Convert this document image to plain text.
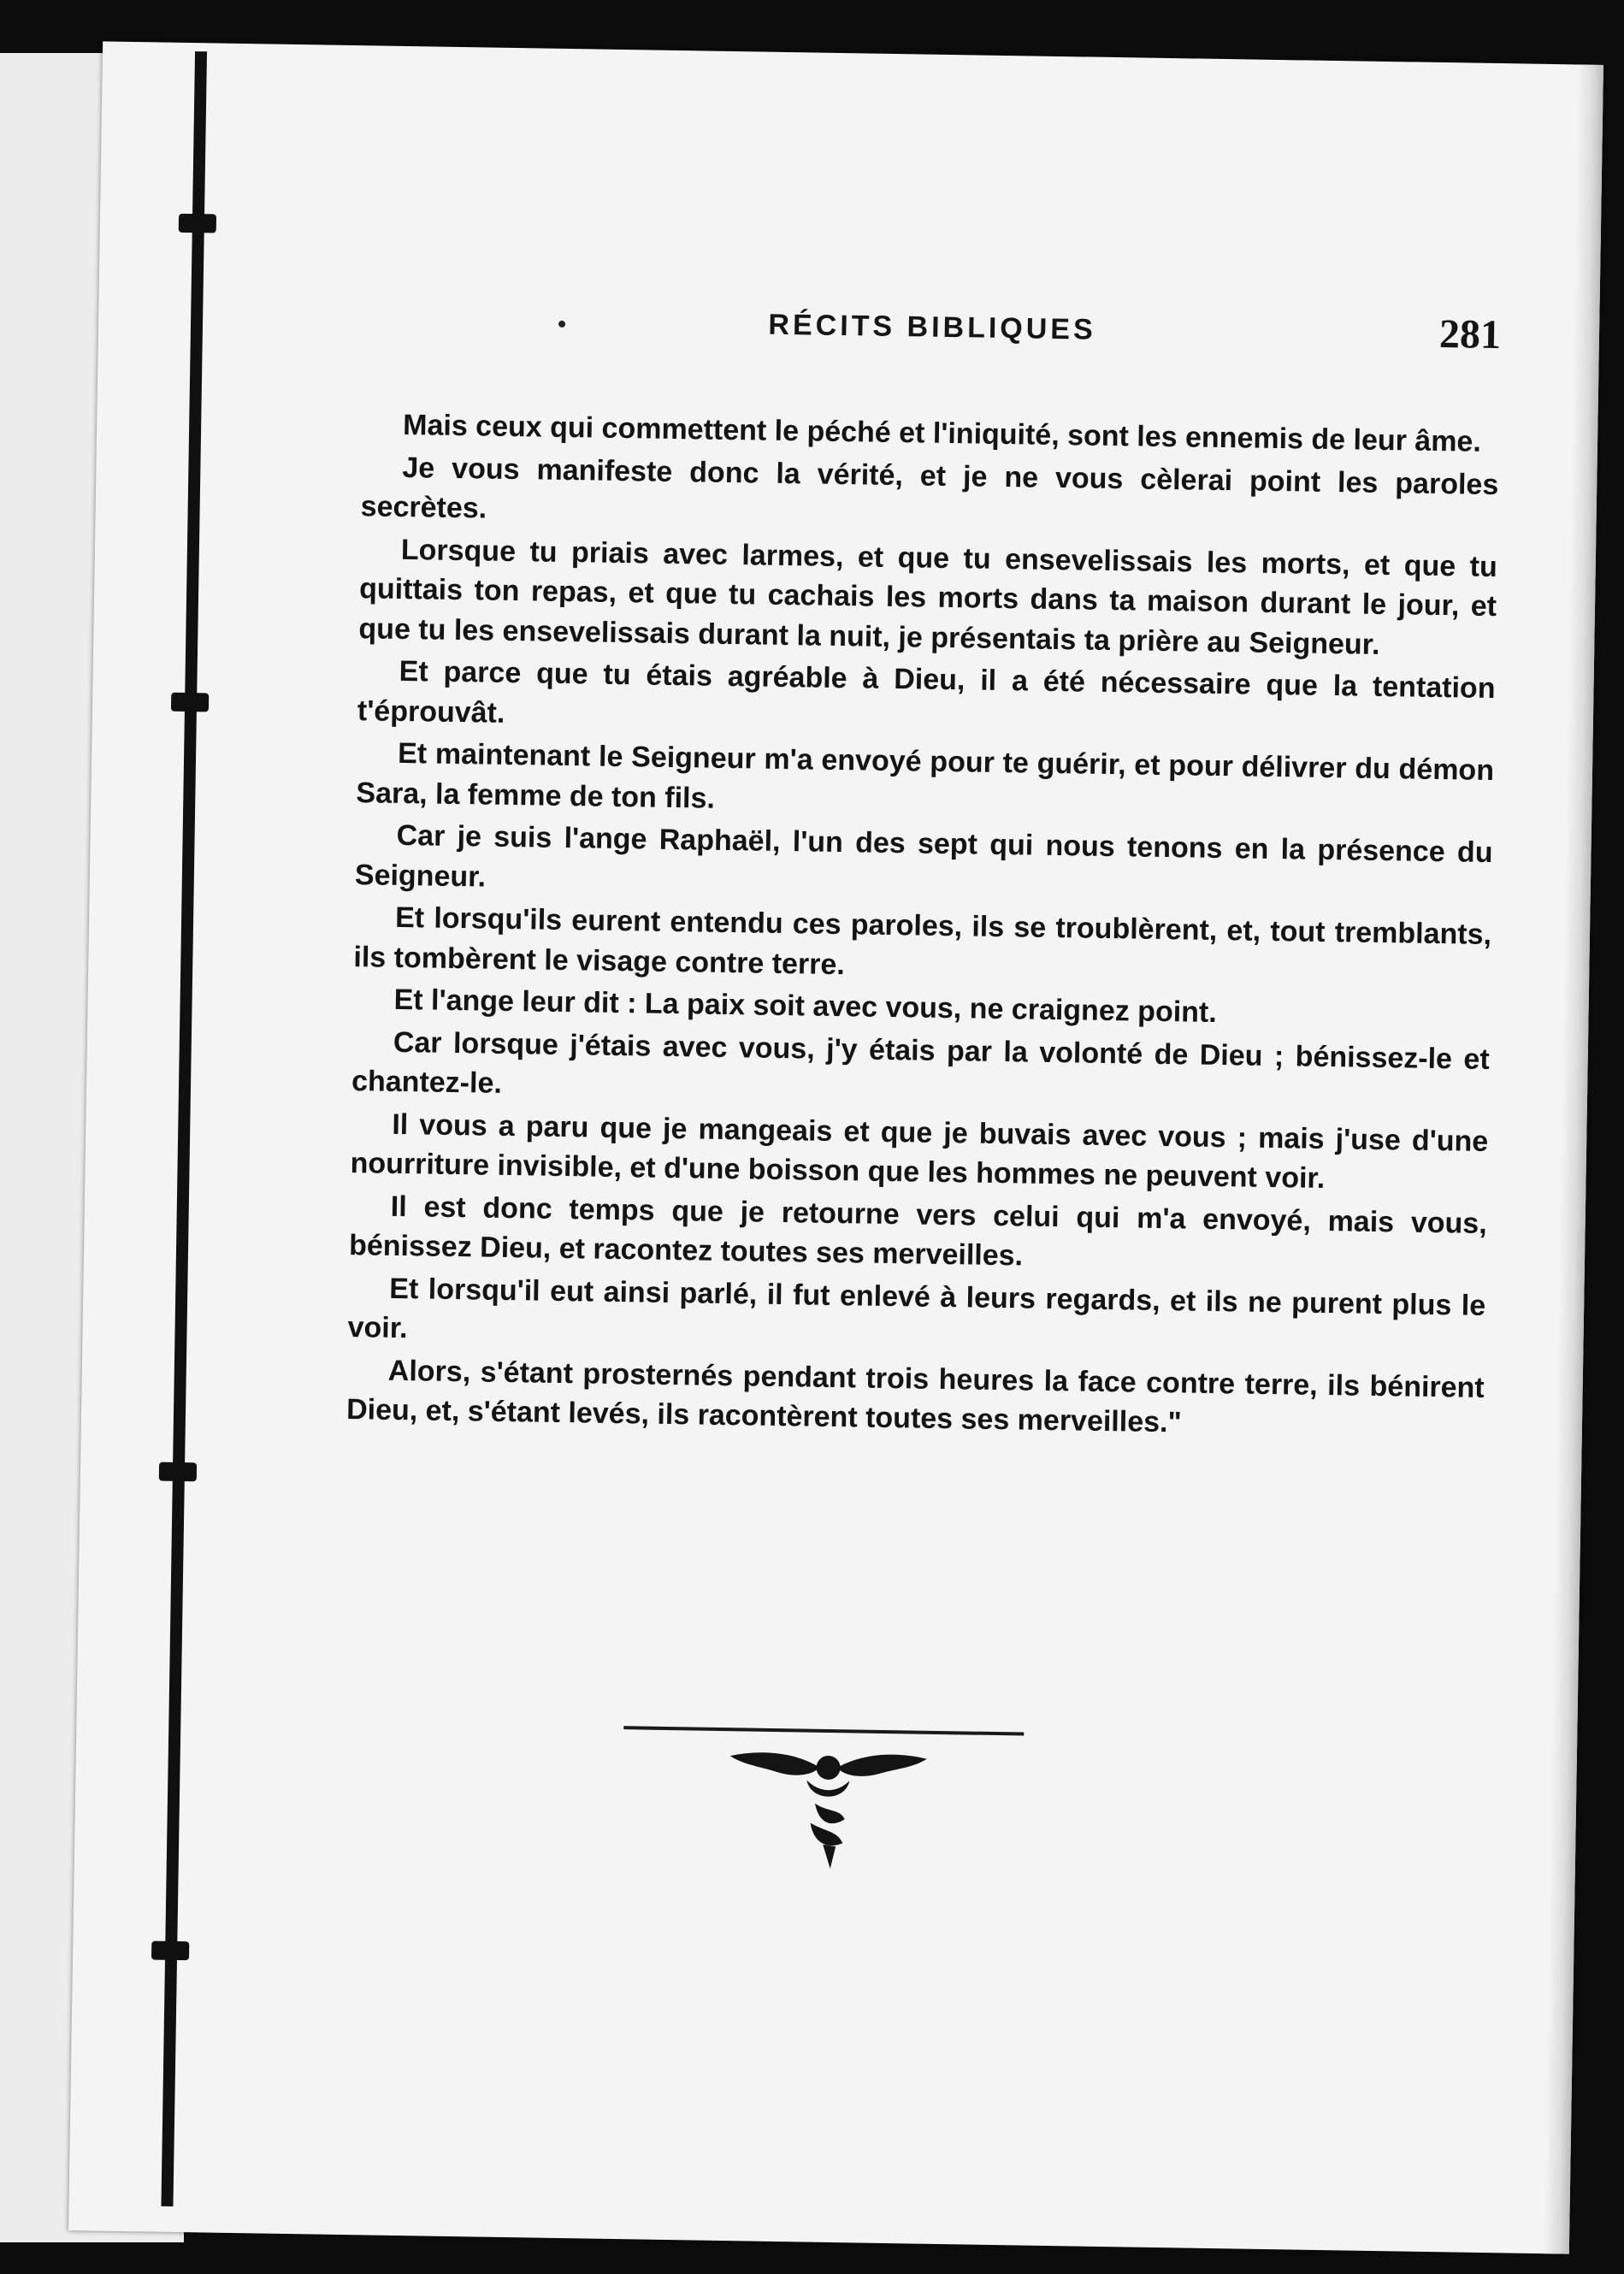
RÉCITS BIBLIQUES	281

Mais ceux qui commettent le péché et l'iniquité, sont les ennemis de leur âme.

Je vous manifeste donc la vérité, et je ne vous cèlerai point les paroles secrètes.

Lorsque tu priais avec larmes, et que tu ensevelissais les morts, et que tu quittais ton repas, et que tu cachais les morts dans ta maison durant le jour, et que tu les ensevelissais durant la nuit, je présentais ta prière au Seigneur.

Et parce que tu étais agréable à Dieu, il a été nécessaire que la tentation t'éprouvât.

Et maintenant le Seigneur m'a envoyé pour te guérir, et pour délivrer du démon Sara, la femme de ton fils.

Car je suis l'ange Raphaël, l'un des sept qui nous tenons en la présence du Seigneur.

Et lorsqu'ils eurent entendu ces paroles, ils se troublèrent, et, tout tremblants, ils tombèrent le visage contre terre.

Et l'ange leur dit : La paix soit avec vous, ne craignez point.

Car lorsque j'étais avec vous, j'y étais par la volonté de Dieu ; bénissez-le et chantez-le.

Il vous a paru que je mangeais et que je buvais avec vous ; mais j'use d'une nourriture invisible, et d'une boisson que les hommes ne peuvent voir.

Il est donc temps que je retourne vers celui qui m'a envoyé, mais vous, bénissez Dieu, et racontez toutes ses merveilles.

Et lorsqu'il eut ainsi parlé, il fut enlevé à leurs regards, et ils ne purent plus le voir.

Alors, s'étant prosternés pendant trois heures la face contre terre, ils bénirent Dieu, et, s'étant levés, ils racontèrent toutes ses merveilles."
